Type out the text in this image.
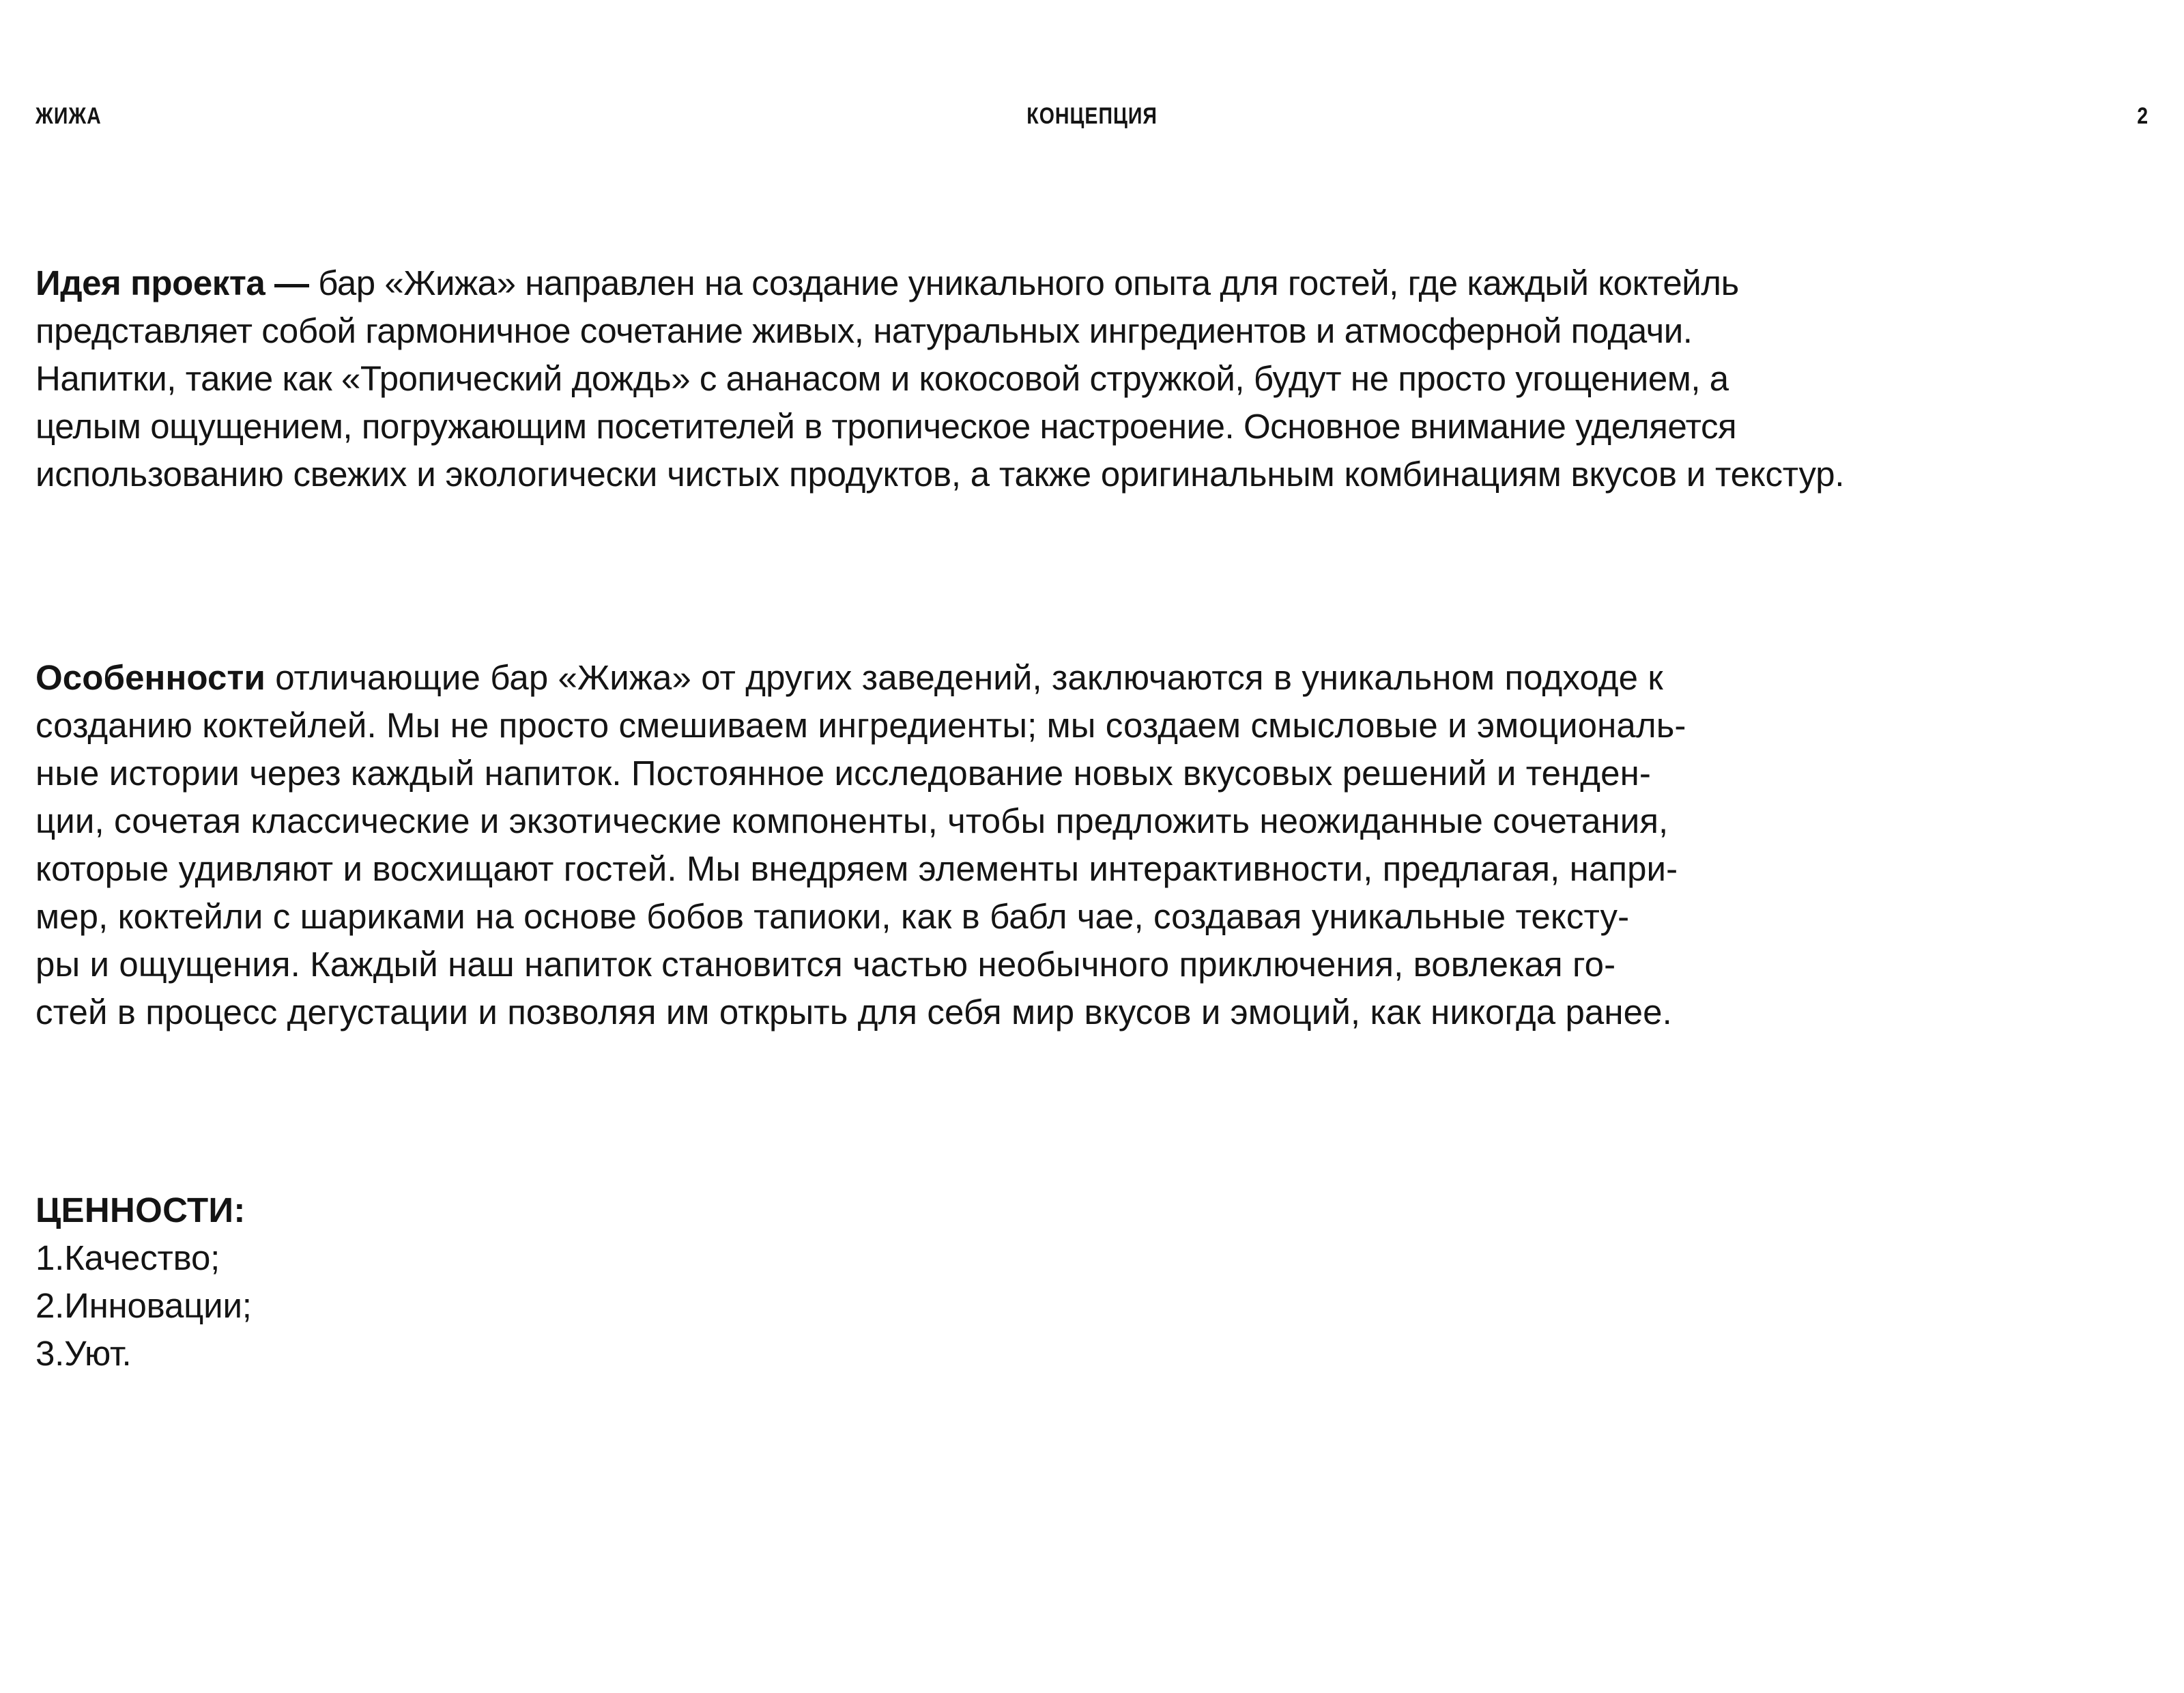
ЖИЖА	КОНЦЕПЦИЯ	2
Идея проекта — бар «Жижа» направлен на создание уникального опыта для гостей, где каждый коктейль
представляет собой гармоничное сочетание живых, натуральных ингредиентов и атмосферной подачи.
Напитки, такие как «Тропический дождь» с ананасом и кокосовой стружкой, будут не просто угощением, а
целым ощущением, погружающим посетителей в тропическое настроение. Основное внимание уделяется
использованию свежих и экологически чистых продуктов, а также оригинальным комбинациям вкусов и текстур.
Особенности отличающие бар «Жижа» от других заведений, заключаются в уникальном подходе к
созданию коктейлей. Мы не просто смешиваем ингредиенты; мы создаем смысловые и эмоциональ-
ные истории через каждый напиток. Постоянное исследование новых вкусовых решений и тенден-
ции, сочетая классические и экзотические компоненты, чтобы предложить неожиданные сочетания,
которые удивляют и восхищают гостей. Мы внедряем элементы интерактивности, предлагая, напри-
мер, коктейли с шариками на основе бобов тапиоки, как в бабл чае, создавая уникальные тексту-
ры и ощущения. Каждый наш напиток становится частью необычного приключения, вовлекая го-
стей в процесс дегустации и позволяя им открыть для себя мир вкусов и эмоций, как никогда ранее.
ЦЕННОСТИ:
1.Качество;
2.Инновации;
3.Уют.
